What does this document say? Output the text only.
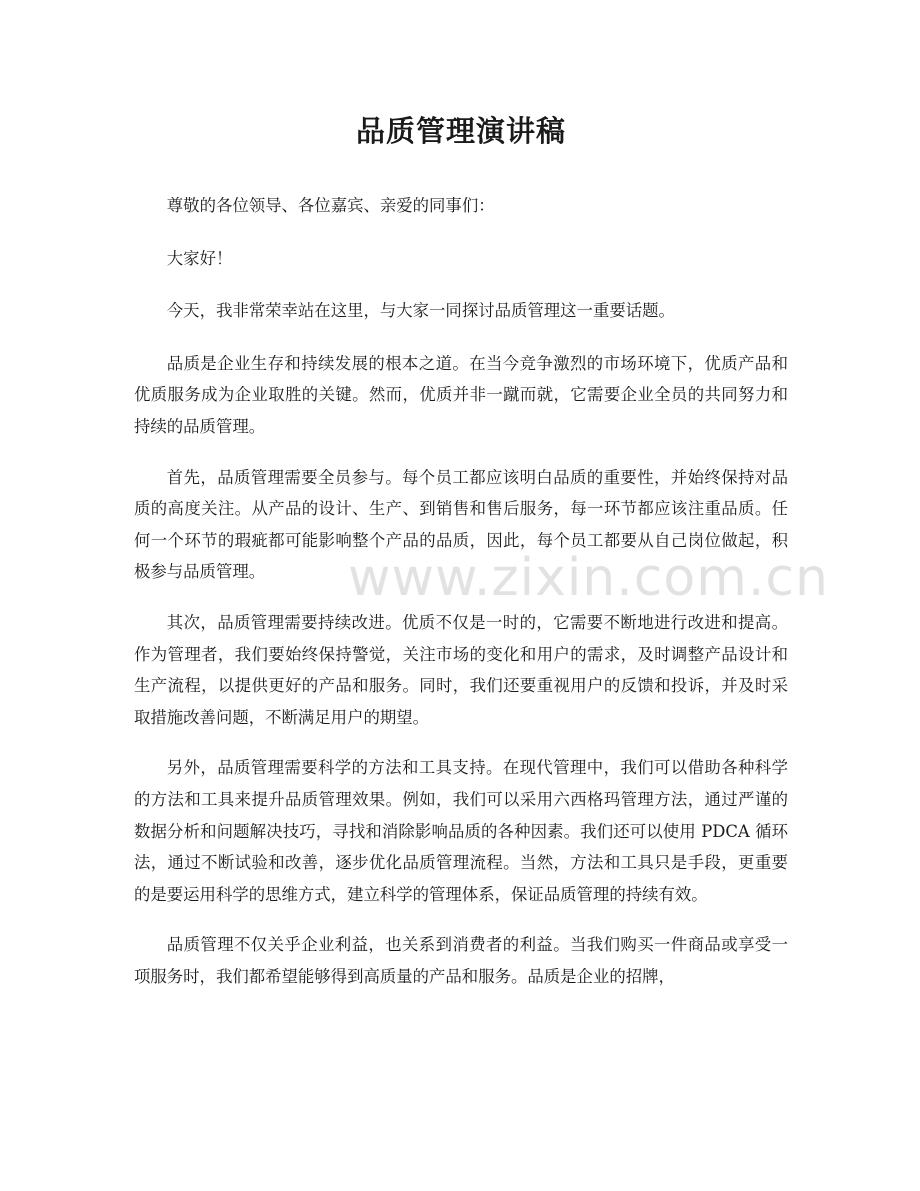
品质管理演讲稿

尊敬的各位领导、各位嘉宾、亲爱的同事们：

大家好！

今天，我非常荣幸站在这里，与大家一同探讨品质管理这一重要话题。

品质是企业生存和持续发展的根本之道。在当今竞争激烈的市场环境下，优质产品和优质服务成为企业取胜的关键。然而，优质并非一蹴而就，它需要企业全员的共同努力和持续的品质管理。

首先，品质管理需要全员参与。每个员工都应该明白品质的重要性，并始终保持对品质的高度关注。从产品的设计、生产、到销售和售后服务，每一环节都应该注重品质。任何一个环节的瑕疵都可能影响整个产品的品质，因此，每个员工都要从自己岗位做起，积极参与品质管理。

其次，品质管理需要持续改进。优质不仅是一时的，它需要不断地进行改进和提高。作为管理者，我们要始终保持警觉，关注市场的变化和用户的需求，及时调整产品设计和生产流程，以提供更好的产品和服务。同时，我们还要重视用户的反馈和投诉，并及时采取措施改善问题，不断满足用户的期望。

另外，品质管理需要科学的方法和工具支持。在现代管理中，我们可以借助各种科学的方法和工具来提升品质管理效果。例如，我们可以采用六西格玛管理方法，通过严谨的数据分析和问题解决技巧，寻找和消除影响品质的各种因素。我们还可以使用 PDCA 循环法，通过不断试验和改善，逐步优化品质管理流程。当然，方法和工具只是手段，更重要的是要运用科学的思维方式，建立科学的管理体系，保证品质管理的持续有效。

品质管理不仅关乎企业利益，也关系到消费者的利益。当我们购买一件商品或享受一项服务时，我们都希望能够得到高质量的产品和服务。品质是企业的招牌，

www.zixin.com.cn
